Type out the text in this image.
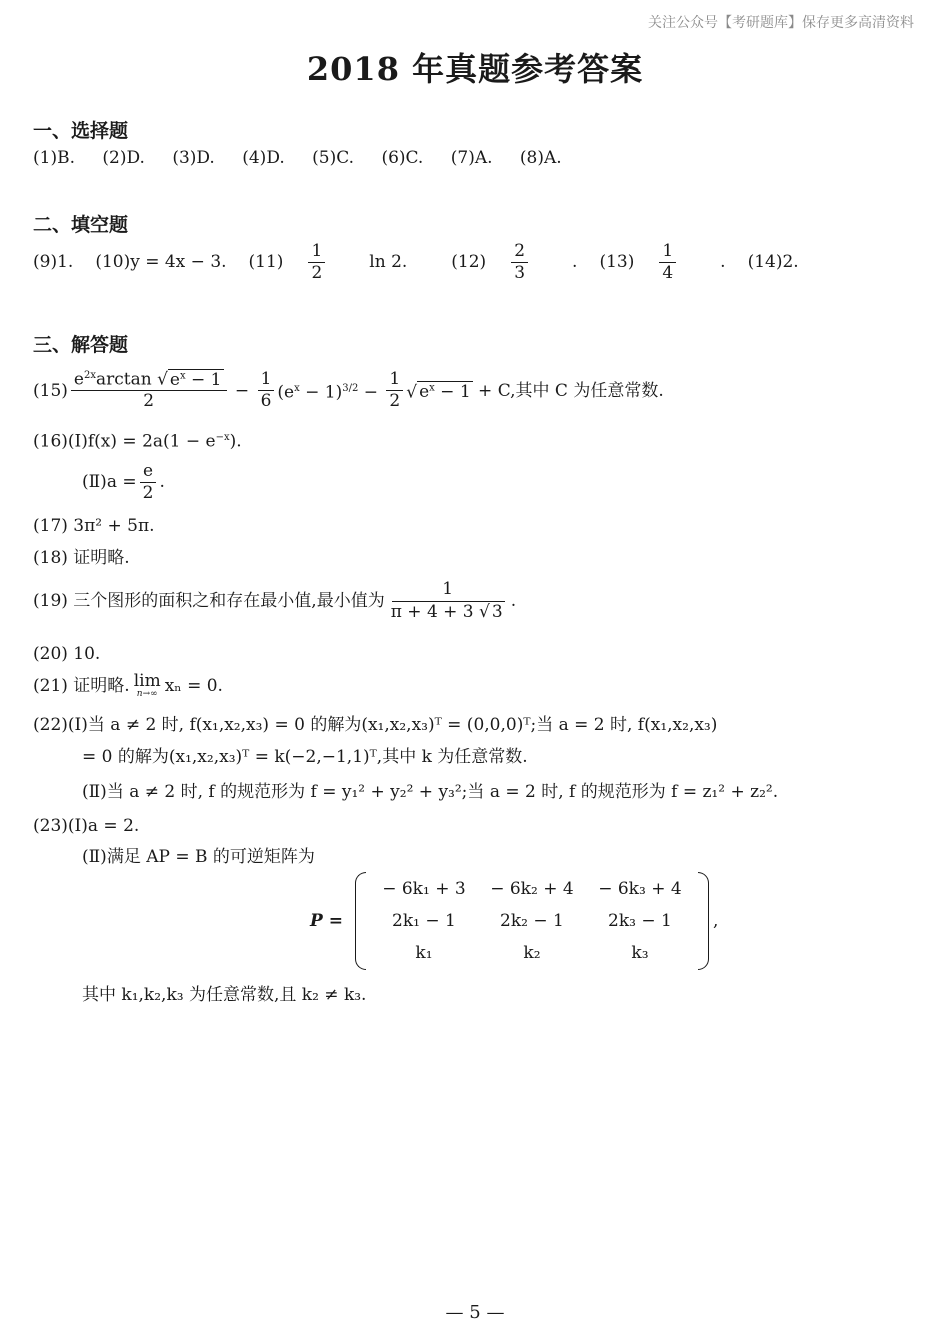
关注公众号【考研题库】保存更多高清资料
2018 年真题参考答案
一、选择题
(1)B. (2)D. (3)D. (4)D. (5)C. (6)C. (7)A. (8)A.
二、填空题
(9)1. (10)y = 4x − 3. $(11) \frac{1}{2}$ ln 2.	$(12) \frac{2}{3}$ . $(13) \frac{1}{4}$ . (14)2.
三、解答题
$(15) \frac{e^{2x}\arctan √ e^x - 1}{2} - \frac{1}{6} (e^x - 1)^{3/2} - \frac{1}{2}$ √ $e^x - 1 + C$,其中 C 为任意常数.
(16)(Ⅰ)f(x) = $2a(1 - e^{-x})$.
(Ⅱ)a = $\frac{e}{2}$ .
(17) 3π² + 5π.
(18) 证明略.
(19) 三个图形的面积之和存在最小值,最小值为 $\frac{1}{\pi + 4 + 3 √ 3}$ .
(20) 10.
(21) 证明略. lim
n→∞ xₙ = 0.
(22)(Ⅰ)当 a ≠ 2 时, f(x₁,x₂,x₃) = 0 的解为(x₁,x₂,x₃)ᵀ = (0,0,0)ᵀ;当 a = 2 时, f(x₁,x₂,x₃)
= 0 的解为(x₁,x₂,x₃)ᵀ = k(−2,−1,1)ᵀ,其中 k 为任意常数.
(Ⅱ)当 a ≠ 2 时, f 的规范形为 f = y₁² + y₂² + y₃²;当 a = 2 时, f 的规范形为 f = z₁² + z₂².
(23)(Ⅰ)a = 2.
(Ⅱ)满足 AP = B 的可逆矩阵为
P =
− 6k₁ + 3	− 6k₂ + 4	− 6k₃ + 4
2k₁ − 1	2k₂ − 1	2k₃ − 1
k₁	k₂	k₃
,
其中 k₁,k₂,k₃ 为任意常数,且 k₂ ≠ k₃.
— 5 —
